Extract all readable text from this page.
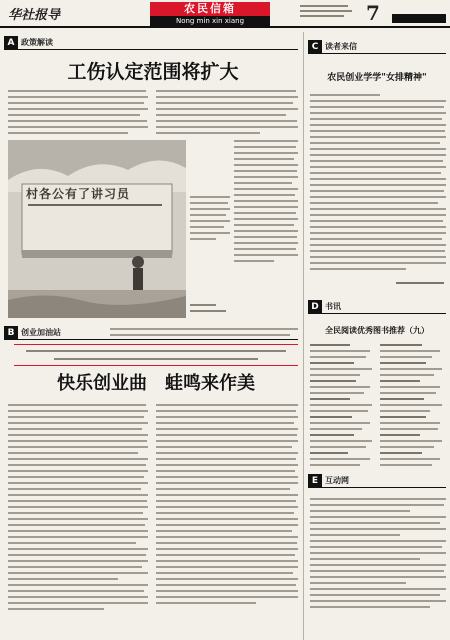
华社报导	农民信箱
Nong min xin xiang	7
A 政策解读
工伤认定范围将扩大
村各公有了讲习员
B 创业加油站
快乐创业曲　蛙鸣来作美
C 读者来信
农民创业学学"女排精神"
D 书讯
全民阅读优秀图书推荐（九）
E 互动网
